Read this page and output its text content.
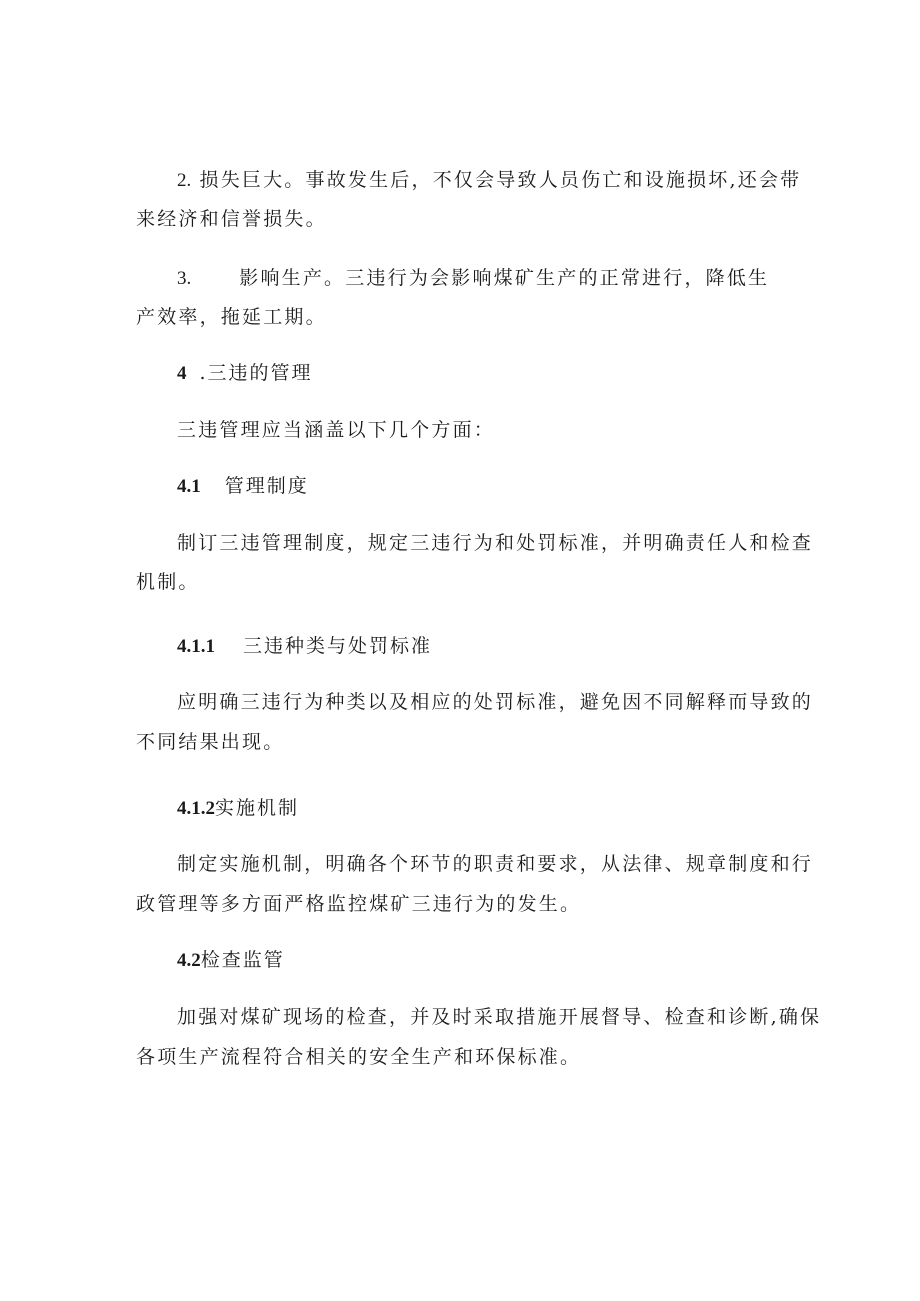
2. 损失巨大。事故发生后，不仅会导致人员伤亡和设施损坏,还会带
来经济和信誉损失。
3.	影响生产。三违行为会影响煤矿生产的正常进行，降低生
产效率，拖延工期。
4 .三违的管理
三违管理应当涵盖以下几个方面：
4.1 管理制度
制订三违管理制度，规定三违行为和处罚标准，并明确责任人和检查
机制。
4.1.1 三违种类与处罚标准
应明确三违行为种类以及相应的处罚标准，避免因不同解释而导致的
不同结果出现。
4.1.2实施机制
制定实施机制，明确各个环节的职责和要求，从法律、规章制度和行
政管理等多方面严格监控煤矿三违行为的发生。
4.2检查监管
加强对煤矿现场的检查，并及时采取措施开展督导、检查和诊断,确保
各项生产流程符合相关的安全生产和环保标准。
